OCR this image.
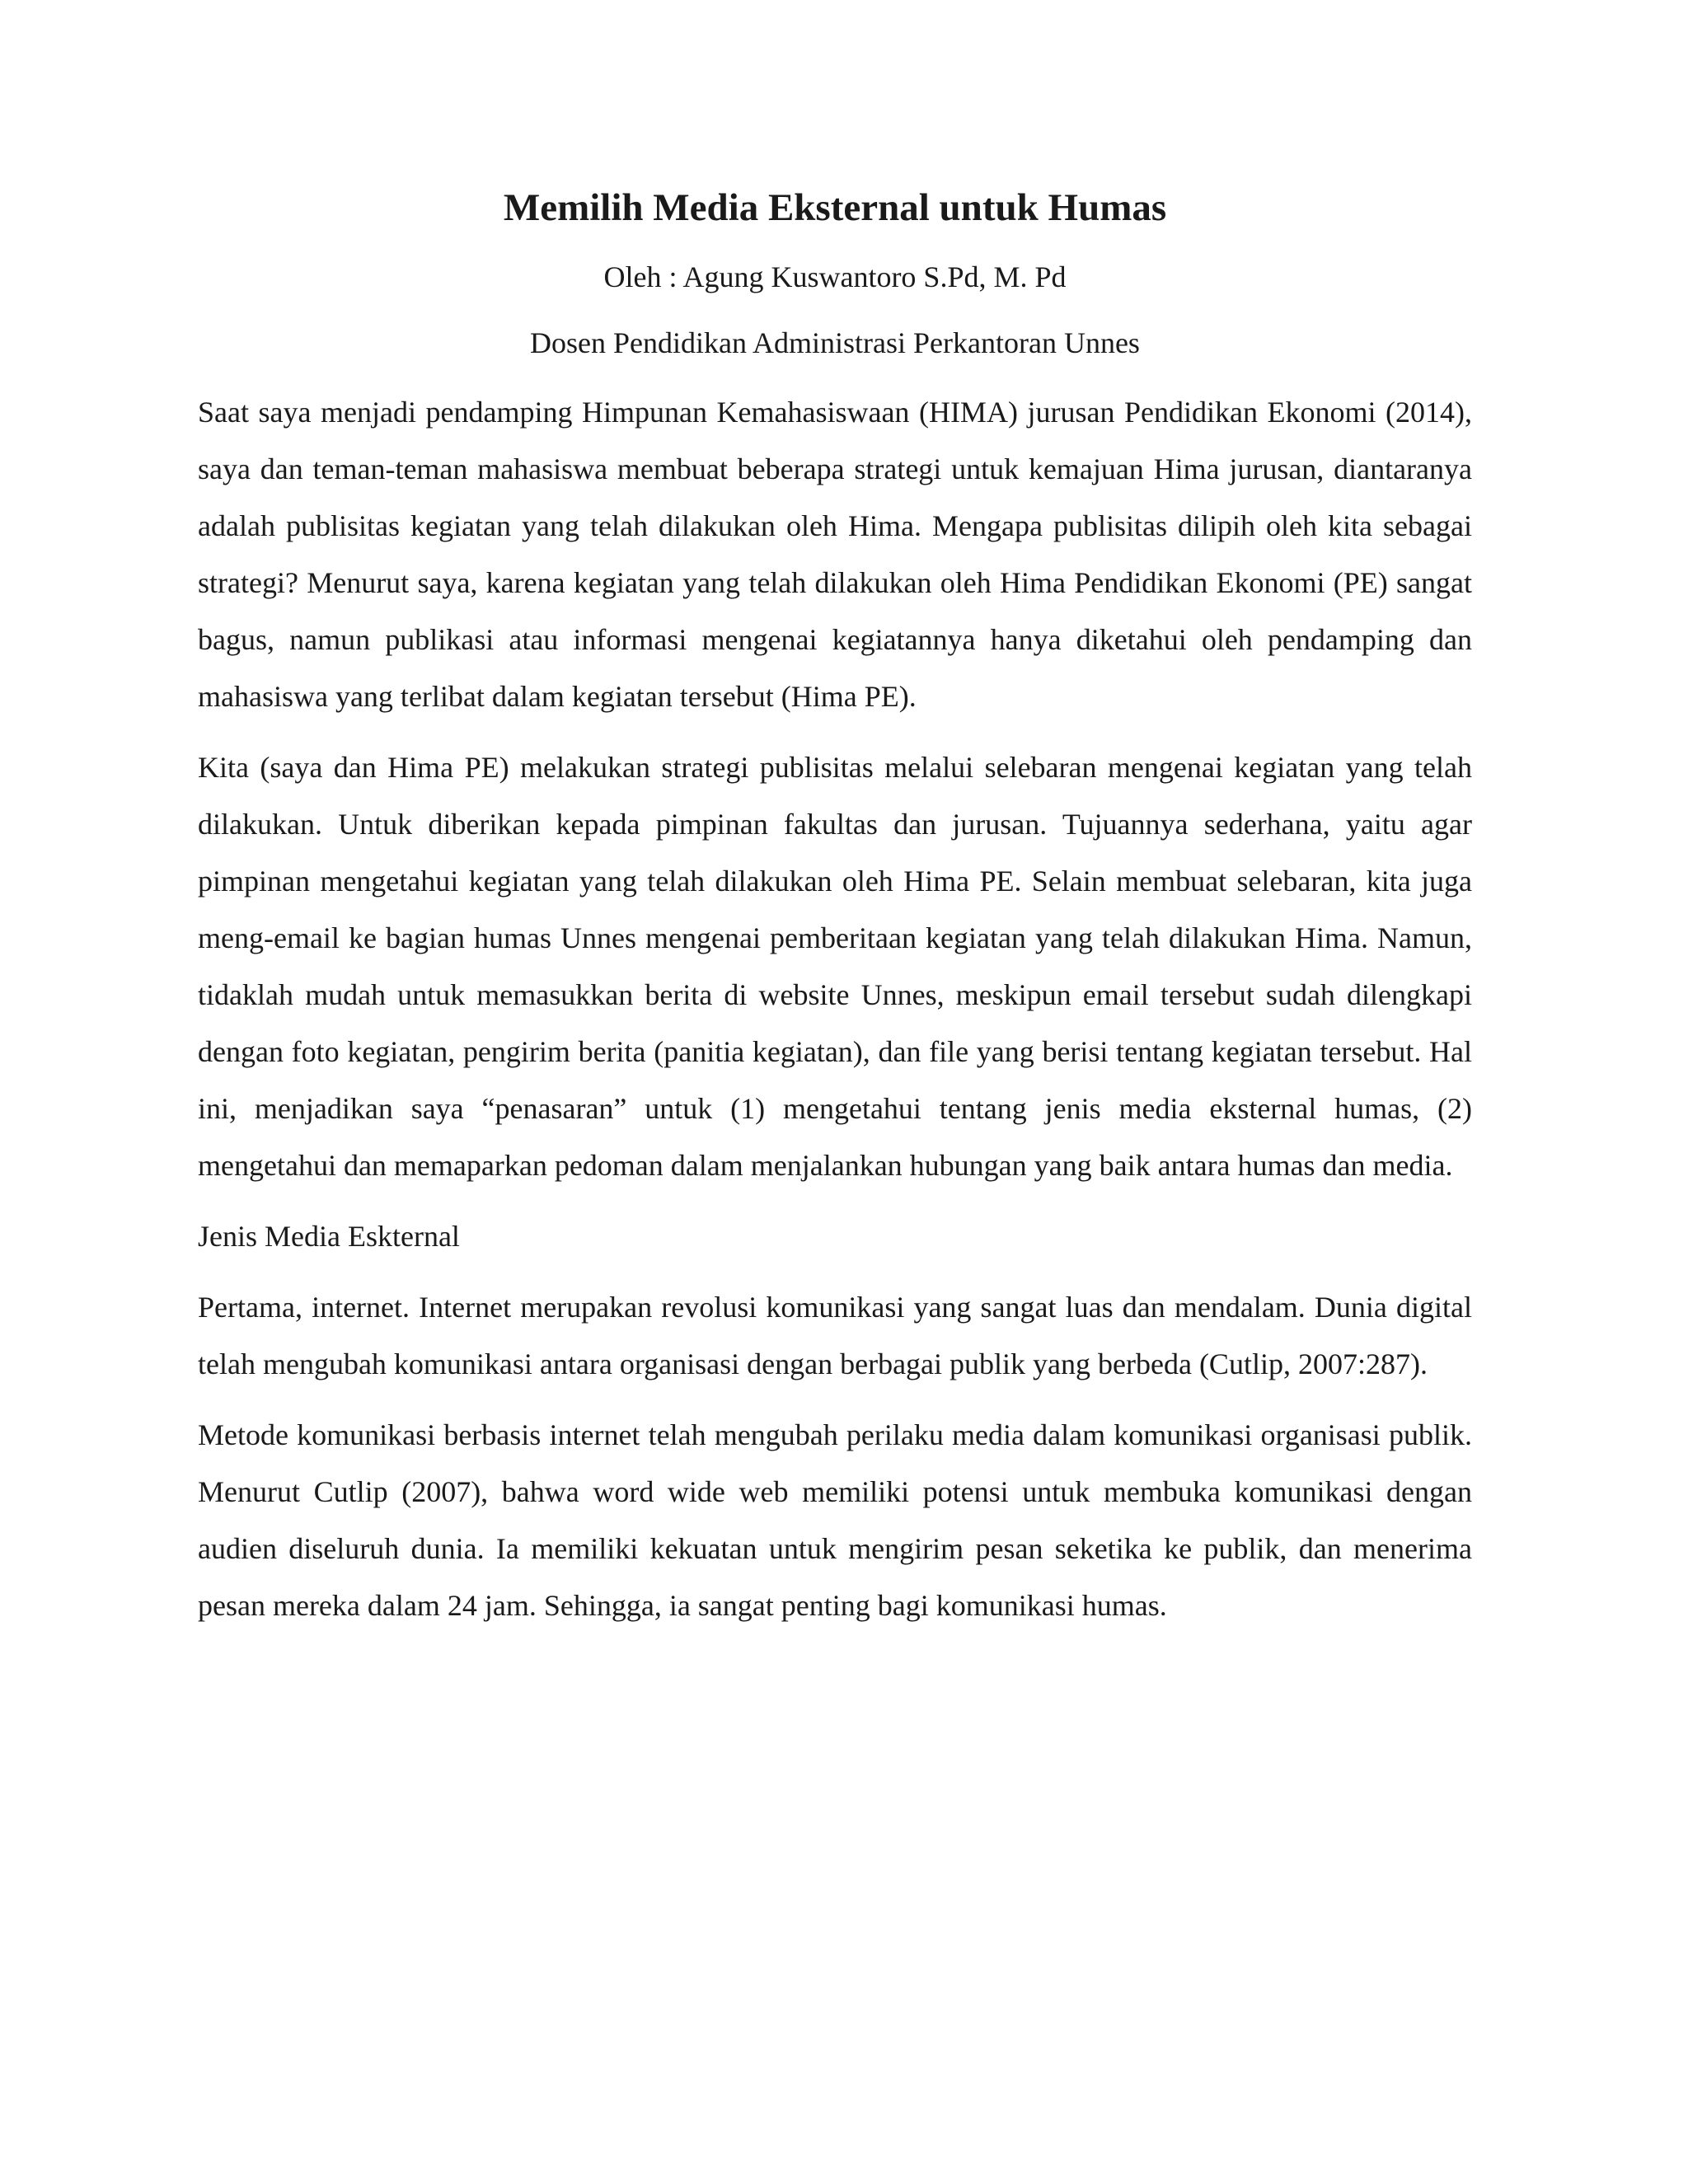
Memilih Media Eksternal untuk Humas
Oleh : Agung Kuswantoro S.Pd, M. Pd
Dosen Pendidikan Administrasi Perkantoran Unnes

Saat saya menjadi pendamping Himpunan Kemahasiswaan (HIMA) jurusan Pendidikan Ekonomi (2014), saya dan teman-teman mahasiswa membuat beberapa strategi untuk kemajuan Hima jurusan, diantaranya adalah publisitas kegiatan yang telah dilakukan oleh Hima. Mengapa publisitas dilipih oleh kita sebagai strategi? Menurut saya, karena kegiatan yang telah dilakukan oleh Hima Pendidikan Ekonomi (PE) sangat bagus, namun publikasi atau informasi mengenai kegiatannya hanya diketahui oleh pendamping dan mahasiswa yang terlibat dalam kegiatan tersebut (Hima PE).

Kita (saya dan Hima PE) melakukan strategi publisitas melalui selebaran mengenai kegiatan yang telah dilakukan. Untuk diberikan kepada pimpinan fakultas dan jurusan. Tujuannya sederhana, yaitu agar pimpinan mengetahui kegiatan yang telah dilakukan oleh Hima PE. Selain membuat selebaran, kita juga meng-email ke bagian humas Unnes mengenai pemberitaan kegiatan yang telah dilakukan Hima. Namun, tidaklah mudah untuk memasukkan berita di website Unnes, meskipun email tersebut sudah dilengkapi dengan foto kegiatan, pengirim berita (panitia kegiatan), dan file yang berisi tentang kegiatan tersebut. Hal ini, menjadikan saya “penasaran” untuk (1) mengetahui tentang jenis media eksternal humas, (2) mengetahui dan memaparkan pedoman dalam menjalankan hubungan yang baik antara humas dan media.

Jenis Media Eskternal

Pertama, internet. Internet merupakan revolusi komunikasi yang sangat luas dan mendalam. Dunia digital telah mengubah komunikasi antara organisasi dengan berbagai publik yang berbeda (Cutlip, 2007:287).

Metode komunikasi berbasis internet telah mengubah perilaku media dalam komunikasi organisasi publik. Menurut Cutlip (2007), bahwa word wide web memiliki potensi untuk membuka komunikasi dengan audien diseluruh dunia. Ia memiliki kekuatan untuk mengirim pesan seketika ke publik, dan menerima pesan mereka dalam 24 jam. Sehingga, ia sangat penting bagi komunikasi humas.
